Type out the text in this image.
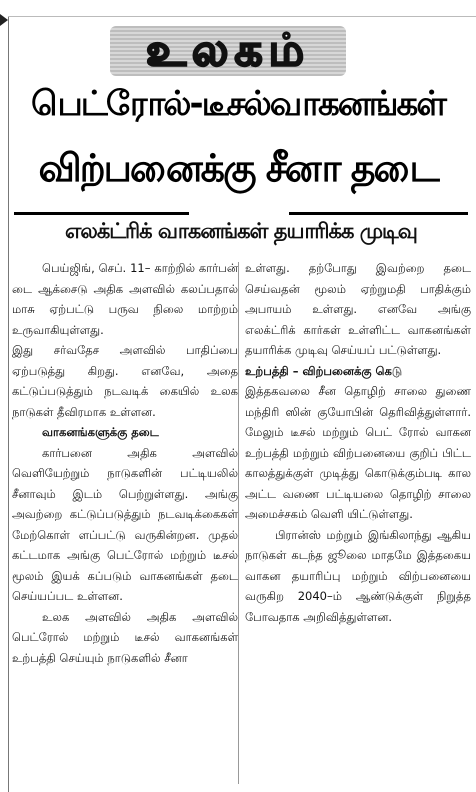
உலகம்
பெட்ரோல்-டீசல்வாகனங்கள்
விற்பனைக்கு சீனா தடை
எலக்ட்ரிக் வாகனங்கள் தயாரிக்க முடிவு

பெய்ஜிங், செப். 11– காற்றில் கார்பன் டை ஆக்சைடு அதிக அளவில் கலப்பதால் மாசு ஏற்பட்டு பருவ நிலை மாற்றம் உருவாகியுள்ளது.

இது சர்வதேச அளவில் பாதிப்பை ஏற்படுத்து கிறது. எனவே, அதை கட்டுப்படுத்தும் நடவடிக் கையில் உலக நாடுகள் தீவிரமாக உள்ளன.

வாகனங்களுக்கு தடை

கார்பனை அதிக அளவில் வெளியேற்றும் நாடுகளின் பட்டியலில் சீனாவும் இடம் பெற்றுள்ளது. அங்கு அவற்றை கட்டுப்படுத்தும் நடவடிக்கைகள் மேற்கொள் ளப்பட்டு வருகின்றன. முதல் கட்டமாக அங்கு பெட்ரோல் மற்றும் டீசல் மூலம் இயக் கப்படும் வாகனங்கள் தடை செய்யப்பட உள்ளன.

உலக அளவில் அதிக அளவில் பெட்ரோல் மற்றும் டீசல் வாகனங்கள் உற்பத்தி செய்யும் நாடுகளில் சீனா

உள்ளது. தற்போது இவற்றை தடை செய்வதன் மூலம் ஏற்றுமதி பாதிக்கும் அபாயம் உள்ளது. எனவே அங்கு எலக்ட்ரிக் கார்கள் உள்ளிட்ட வாகனங்கள் தயாரிக்க முடிவு செய்யப் பட்டுள்ளது.

உற்பத்தி – விற்பனைக்கு கெடு

இத்தகவலை சீன தொழிற் சாலை துணை மந்திரி ஸின் குயோபின் தெரிவித்துள்ளார். மேலும் டீசல் மற்றும் பெட் ரோல் வாகன உற்பத்தி மற்றும் விற்பனையை குறிப் பிட்ட காலத்துக்குள் முடித்து கொடுக்கும்படி கால அட்ட வணை பட்டியலை தொழிற் சாலை அமைச்சகம் வெளி யிட்டுள்ளது.

பிரான்ஸ் மற்றும் இங்கிலாந்து ஆகிய நாடுகள் கடந்த ஜூலை மாதமே இத்தகைய வாகன தயாரிப்பு மற்றும் விற்பனையை வருகிற 2040–ம் ஆண்டுக்குள் நிறுத்த போவதாக அறிவித்துள்ளன.
